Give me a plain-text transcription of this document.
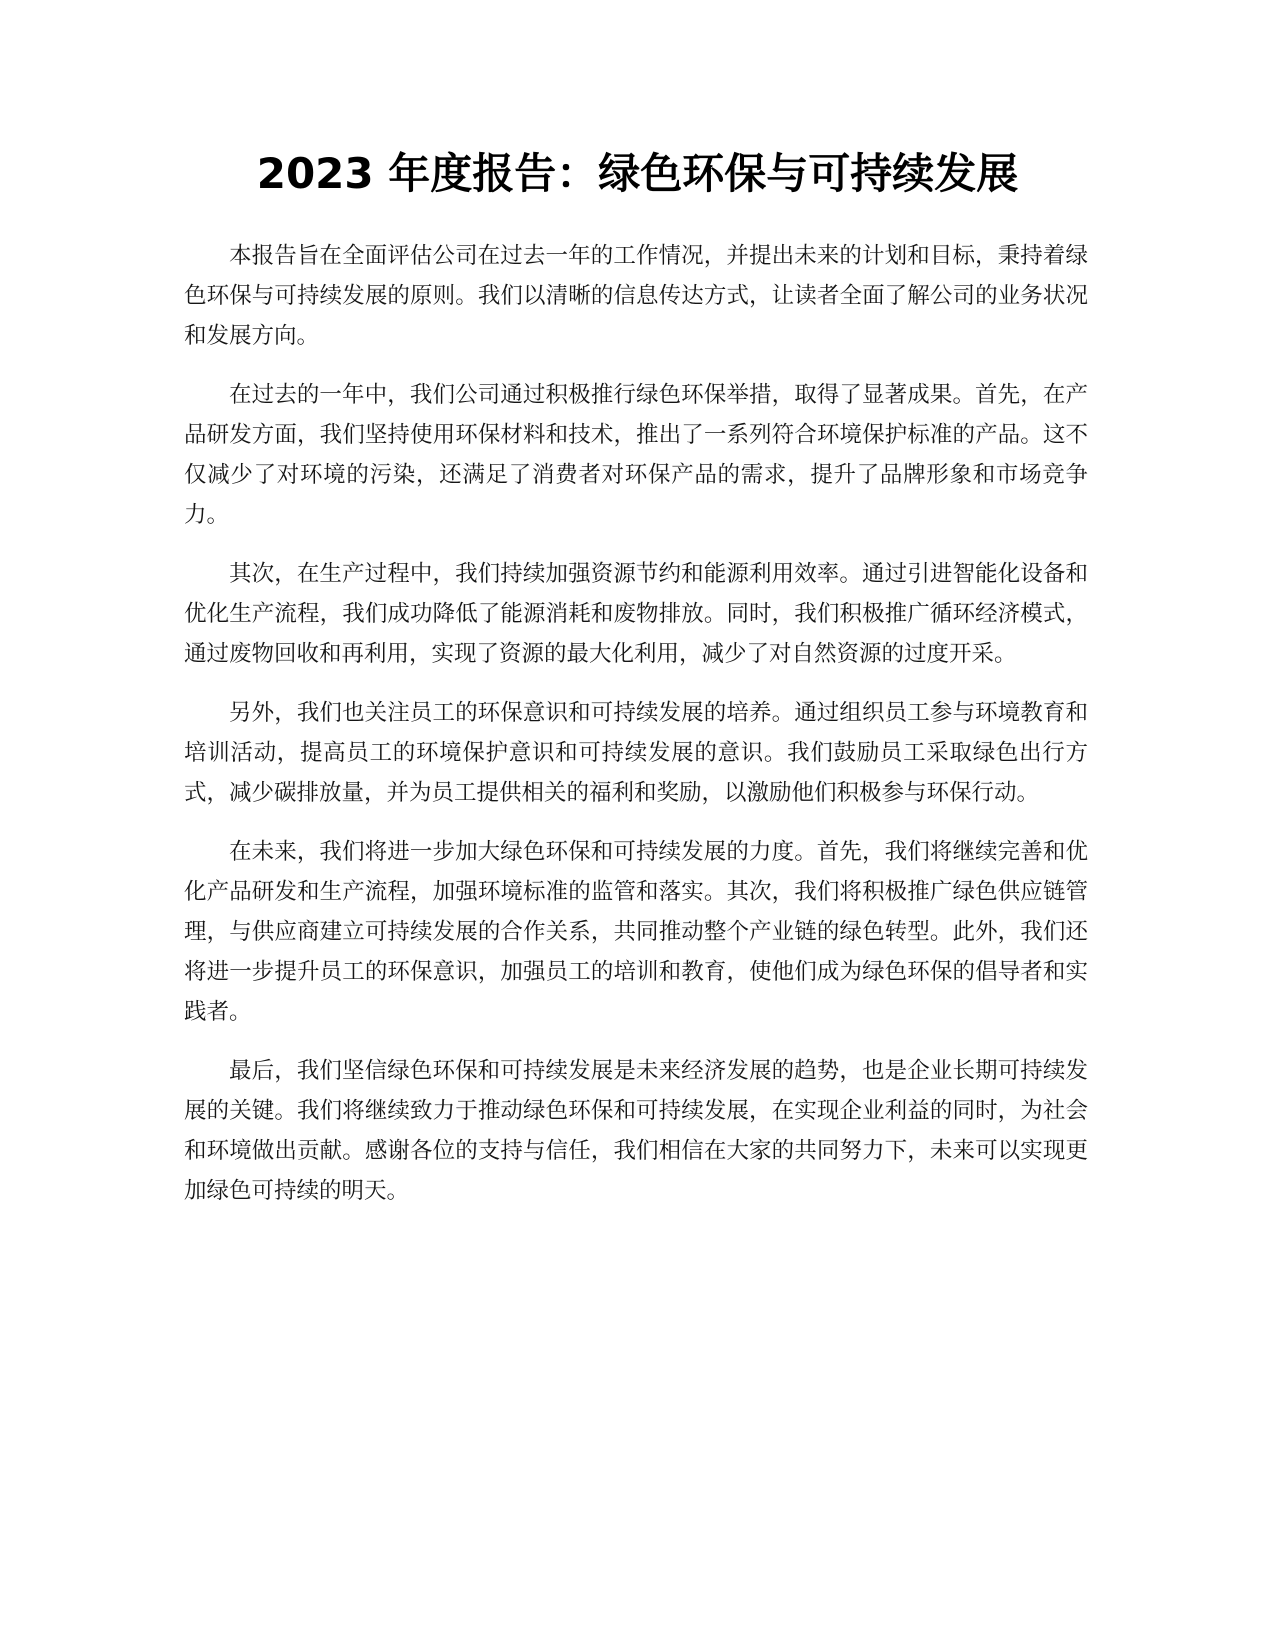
2023 年度报告：绿色环保与可持续发展

本报告旨在全面评估公司在过去一年的工作情况，并提出未来的计划和目标，秉持着绿色环保与可持续发展的原则。我们以清晰的信息传达方式，让读者全面了解公司的业务状况和发展方向。

在过去的一年中，我们公司通过积极推行绿色环保举措，取得了显著成果。首先，在产品研发方面，我们坚持使用环保材料和技术，推出了一系列符合环境保护标准的产品。这不仅减少了对环境的污染，还满足了消费者对环保产品的需求，提升了品牌形象和市场竞争力。

其次，在生产过程中，我们持续加强资源节约和能源利用效率。通过引进智能化设备和优化生产流程，我们成功降低了能源消耗和废物排放。同时，我们积极推广循环经济模式，通过废物回收和再利用，实现了资源的最大化利用，减少了对自然资源的过度开采。

另外，我们也关注员工的环保意识和可持续发展的培养。通过组织员工参与环境教育和培训活动，提高员工的环境保护意识和可持续发展的意识。我们鼓励员工采取绿色出行方式，减少碳排放量，并为员工提供相关的福利和奖励，以激励他们积极参与环保行动。

在未来，我们将进一步加大绿色环保和可持续发展的力度。首先，我们将继续完善和优化产品研发和生产流程，加强环境标准的监管和落实。其次，我们将积极推广绿色供应链管理，与供应商建立可持续发展的合作关系，共同推动整个产业链的绿色转型。此外，我们还将进一步提升员工的环保意识，加强员工的培训和教育，使他们成为绿色环保的倡导者和实践者。

最后，我们坚信绿色环保和可持续发展是未来经济发展的趋势，也是企业长期可持续发展的关键。我们将继续致力于推动绿色环保和可持续发展，在实现企业利益的同时，为社会和环境做出贡献。感谢各位的支持与信任，我们相信在大家的共同努力下，未来可以实现更加绿色可持续的明天。
